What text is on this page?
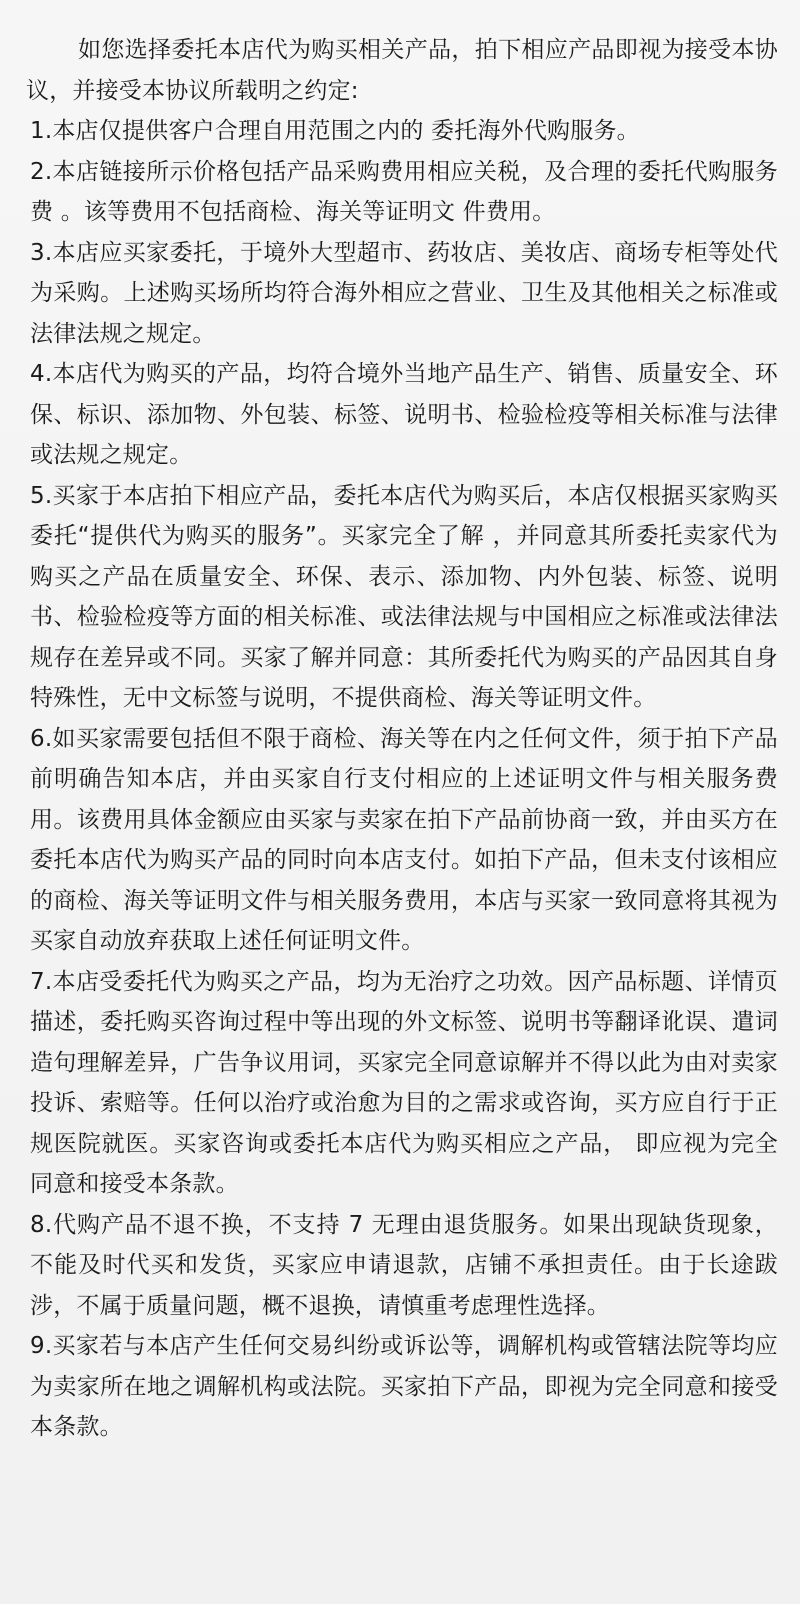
如您选择委托本店代为购买相关产品，拍下相应产品即视为接受本协议，并接受本协议所载明之约定:

1.本店仅提供客户合理自用范围之内的 委托海外代购服务。

2.本店链接所示价格包括产品采购费用相应关税，及合理的委托代购服务费 。该等费用不包括商检、海关等证明文 件费用。

3.本店应买家委托，于境外大型超市、药妆店、美妆店、商场专柜等处代为采购。上述购买场所均符合海外相应之营业、卫生及其他相关之标准或法律法规之规定。

4.本店代为购买的产品，均符合境外当地产品生产、销售、质量安全、环保、标识、添加物、外包装、标签、说明书、检验检疫等相关标准与法律或法规之规定。

5.买家于本店拍下相应产品，委托本店代为购买后，本店仅根据买家购买委托“提供代为购买的服务”。买家完全了解 ，并同意其所委托卖家代为购买之产品在质量安全、环保、表示、添加物、内外包装、标签、说明书、检验检疫等方面的相关标准、或法律法规与中国相应之标准或法律法规存在差异或不同。买家了解并同意：其所委托代为购买的产品因其自身特殊性，无中文标签与说明，不提供商检、海关等证明文件。

6.如买家需要包括但不限于商检、海关等在内之任何文件，须于拍下产品前明确告知本店，并由买家自行支付相应的上述证明文件与相关服务费用。该费用具体金额应由买家与卖家在拍下产品前协商一致，并由买方在委托本店代为购买产品的同时向本店支付。如拍下产品，但未支付该相应的商检、海关等证明文件与相关服务费用，本店与买家一致同意将其视为买家自动放弃获取上述任何证明文件。

7.本店受委托代为购买之产品，均为无治疗之功效。因产品标题、详情页描述，委托购买咨询过程中等出现的外文标签、说明书等翻译讹误、遣词造句理解差异，广告争议用词，买家完全同意谅解并不得以此为由对卖家投诉、索赔等。任何以治疗或治愈为目的之需求或咨询，买方应自行于正规医院就医。买家咨询或委托本店代为购买相应之产品， 即应视为完全同意和接受本条款。

8.代购产品不退不换，不支持 7 无理由退货服务。如果出现缺货现象，不能及时代买和发货，买家应申请退款，店铺不承担责任。由于长途跋涉，不属于质量问题，概不退换，请慎重考虑理性选择。

9.买家若与本店产生任何交易纠纷或诉讼等，调解机构或管辖法院等均应为卖家所在地之调解机构或法院。买家拍下产品，即视为完全同意和接受本条款。
